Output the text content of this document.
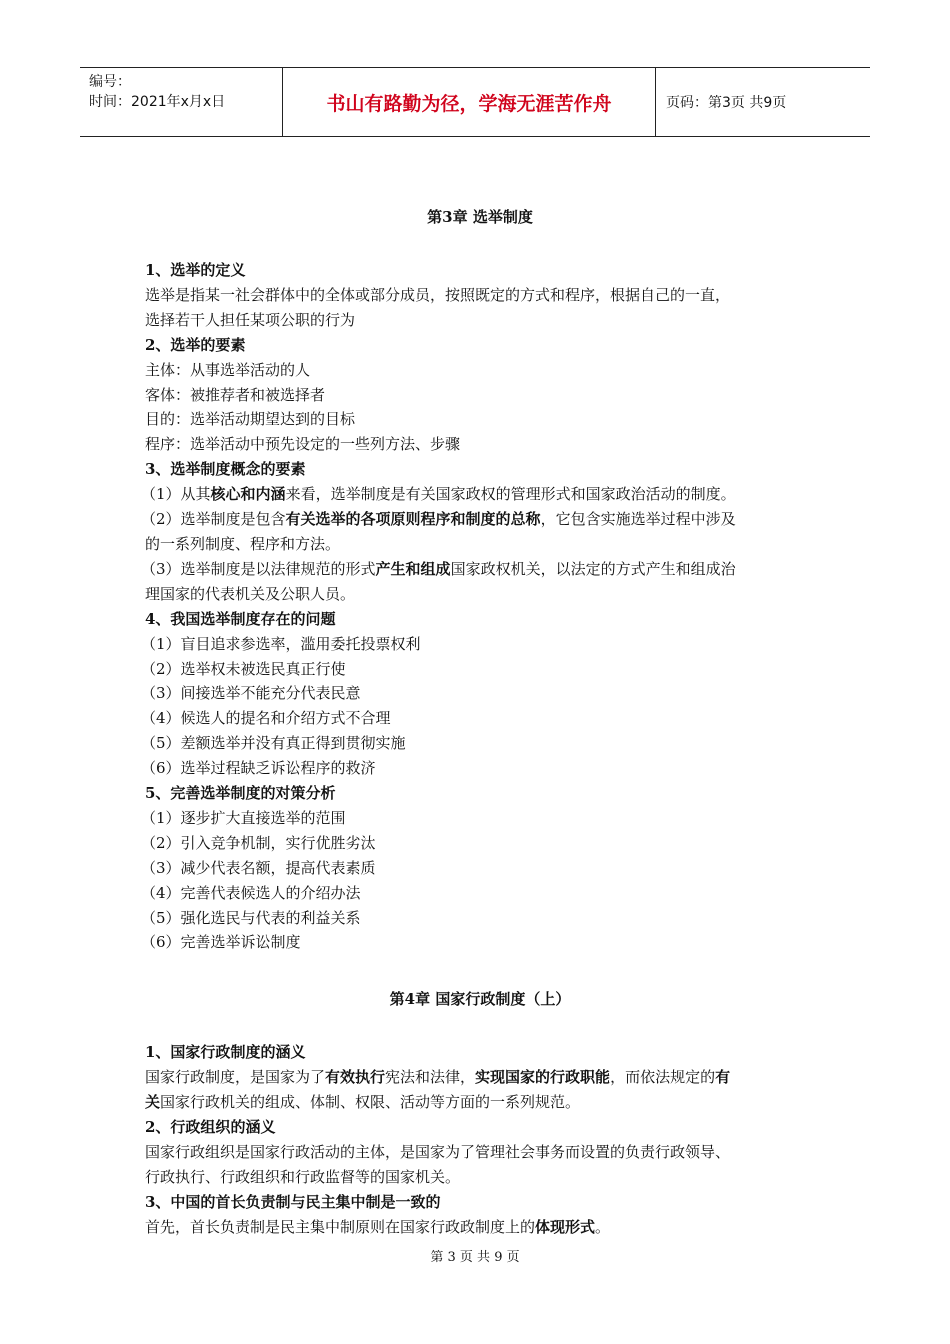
编号：
时间：2021年x月x日	书山有路勤为径，学海无涯苦作舟	页码：第3页 共9页
第3章 选举制度
1、选举的定义
选举是指某一社会群体中的全体或部分成员，按照既定的方式和程序，根据自己的一直，
选择若干人担任某项公职的行为
2、选举的要素
主体：从事选举活动的人
客体：被推荐者和被选择者
目的：选举活动期望达到的目标
程序：选举活动中预先设定的一些列方法、步骤
3、选举制度概念的要素
（1）从其核心和内涵来看，选举制度是有关国家政权的管理形式和国家政治活动的制度。
（2）选举制度是包含有关选举的各项原则程序和制度的总称，它包含实施选举过程中涉及
的一系列制度、程序和方法。
（3）选举制度是以法律规范的形式产生和组成国家政权机关，以法定的方式产生和组成治
理国家的代表机关及公职人员。
4、我国选举制度存在的问题
（1）盲目追求参选率，滥用委托投票权利
（2）选举权未被选民真正行使
（3）间接选举不能充分代表民意
（4）候选人的提名和介绍方式不合理
（5）差额选举并没有真正得到贯彻实施
（6）选举过程缺乏诉讼程序的救济
5、完善选举制度的对策分析
（1）逐步扩大直接选举的范围
（2）引入竞争机制，实行优胜劣汰
（3）减少代表名额，提高代表素质
（4）完善代表候选人的介绍办法
（5）强化选民与代表的利益关系
（6）完善选举诉讼制度
第4章 国家行政制度（上）
1、国家行政制度的涵义
国家行政制度，是国家为了有效执行宪法和法律，实现国家的行政职能，而依法规定的有
关国家行政机关的组成、体制、权限、活动等方面的一系列规范。
2、行政组织的涵义
国家行政组织是国家行政活动的主体，是国家为了管理社会事务而设置的负责行政领导、
行政执行、行政组织和行政监督等的国家机关。
3、中国的首长负责制与民主集中制是一致的
首先，首长负责制是民主集中制原则在国家行政政制度上的体现形式。
第 3 页 共 9 页
